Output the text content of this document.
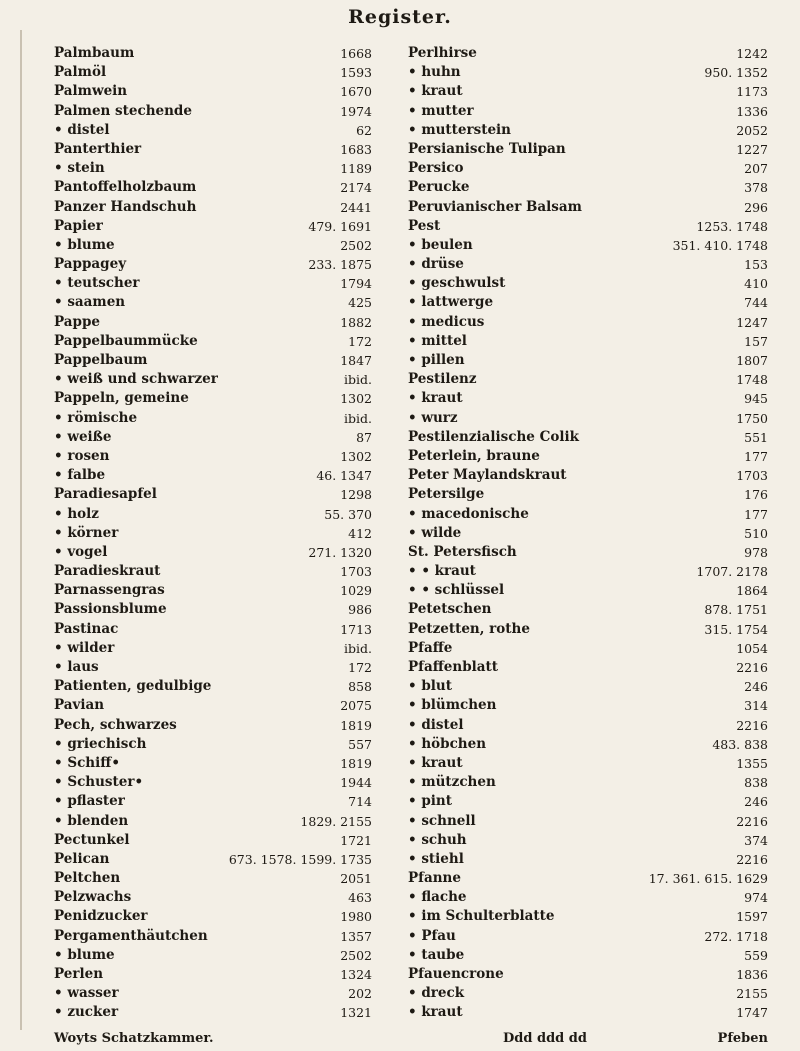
Register.
Palmbaum	1668
Palmöl	1593
Palmwein	1670
Palmen stechende	1974
• distel	62
Panterthier	1683
• stein	1189
Pantoffelholzbaum	2174
Panzer Handschuh	2441
Papier	479. 1691
• blume	2502
Pappagey	233. 1875
• teutscher	1794
• saamen	425
Pappe	1882
Pappelbaummücke	172
Pappelbaum	1847
• weiß und schwarzer	ibid.
Pappeln, gemeine	1302
• römische	ibid.
• weiße	87
• rosen	1302
• falbe	46. 1347
Paradiesapfel	1298
• holz	55. 370
• körner	412
• vogel	271. 1320
Paradieskraut	1703
Parnassengras	1029
Passionsblume	986
Pastinac	1713
• wilder	ibid.
• laus	172
Patienten, gedulbige	858
Pavian	2075
Pech, schwarzes	1819
• griechisch	557
• Schiff•	1819
• Schuster•	1944
• pflaster	714
• blenden	1829. 2155
Pectunkel	1721
Pelican	673. 1578. 1599. 1735
Peltchen	2051
Pelzwachs	463
Penidzucker	1980
Pergamenthäutchen	1357
• blume	2502
Perlen	1324
• wasser	202
• zucker	1321
Perlhirse	1242
• huhn	950. 1352
• kraut	1173
• mutter	1336
• mutterstein	2052
Persianische Tulipan	1227
Persico	207
Perucke	378
Peruvianischer Balsam	296
Pest	1253. 1748
• beulen	351. 410. 1748
• drüse	153
• geschwulst	410
• lattwerge	744
• medicus	1247
• mittel	157
• pillen	1807
Pestilenz	1748
• kraut	945
• wurz	1750
Pestilenzialische Colik	551
Peterlein, braune	177
Peter Maylandskraut	1703
Petersilge	176
• macedonische	177
• wilde	510
St. Petersfisch	978
• • kraut	1707. 2178
• • schlüssel	1864
Petetschen	878. 1751
Petzetten, rothe	315. 1754
Pfaffe	1054
Pfaffenblatt	2216
• blut	246
• blümchen	314
• distel	2216
• höbchen	483. 838
• kraut	1355
• mützchen	838
• pint	246
• schnell	2216
• schuh	374
• stiehl	2216
Pfanne	17. 361. 615. 1629
• flache	974
• im Schulterblatte	1597
• Pfau	272. 1718
• taube	559
Pfauencrone	1836
• dreck	2155
• kraut	1747
Woyts Schatzkammer.	Ddd ddd dd	Pfeben
